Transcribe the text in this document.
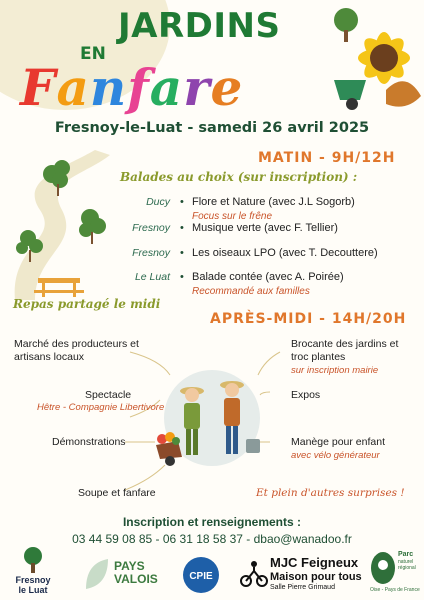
JARDINS
EN
Fanfare
Fresnoy-le-Luat - samedi 26 avril 2025
MATIN - 9H/12H
Balades au choix (sur inscription) :
Ducy • Flore et Nature (avec J.L Sogorb)
Focus sur le frêne
Fresnoy • Musique verte (avec F. Tellier)
Fresnoy • Les oiseaux LPO (avec T. Decouttere)
Le Luat • Balade contée (avec A. Poirée)
Recommandé aux familles
Repas partagé le midi
APRÈS-MIDI - 14H/20H
Marché des producteurs et artisans locaux
Spectacle
Hêtre - Compagnie Libertivore
Démonstrations
Soupe et fanfare
Brocante des jardins et troc plantes
sur inscription mairie
Expos
Manège pour enfant
avec vélo générateur
Et plein d'autres surprises !
Inscription et renseignements :
03 44 59 08 85 - 06 31 18 58 37 - dbao@wanadoo.fr
Fresnoy
le Luat
PAYS
VALOIS	CPIE
MJC Feigneux
Maison pour tous
Salle Pierre Grimaud
Parc
naturel régional
Oise - Pays de France
